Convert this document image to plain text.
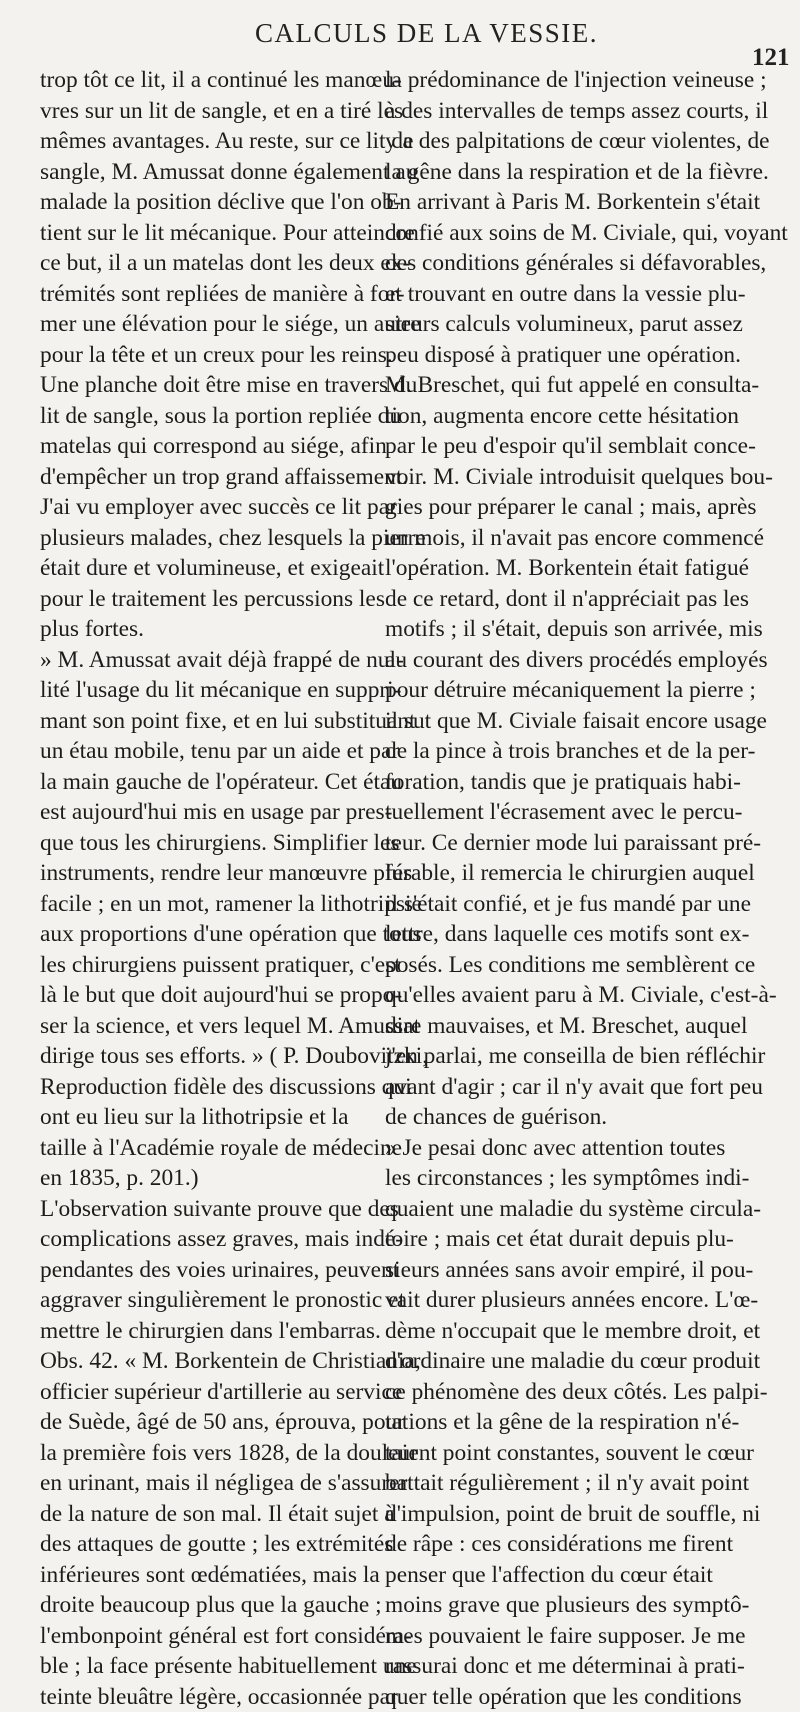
CALCULS DE LA VESSIE.
121
trop tôt ce lit, il a continué les manœu-
vres sur un lit de sangle, et en a tiré les
mêmes avantages. Au reste, sur ce lit de
sangle, M. Amussat donne également au
malade la position déclive que l'on ob-
tient sur le lit mécanique. Pour atteindre
ce but, il a un matelas dont les deux ex-
trémités sont repliées de manière à for-
mer une élévation pour le siége, un autre
pour la tête et un creux pour les reins.
Une planche doit être mise en travers du
lit de sangle, sous la portion repliée du
matelas qui correspond au siége, afin
d'empêcher un trop grand affaissement.
J'ai vu employer avec succès ce lit par
plusieurs malades, chez lesquels la pierre
était dure et volumineuse, et exigeait
pour le traitement les percussions les
plus fortes.
» M. Amussat avait déjà frappé de nul-
lité l'usage du lit mécanique en suppri-
mant son point fixe, et en lui substituant
un étau mobile, tenu par un aide et par
la main gauche de l'opérateur. Cet étau
est aujourd'hui mis en usage par pres-
que tous les chirurgiens. Simplifier les
instruments, rendre leur manœuvre plus
facile ; en un mot, ramener la lithotripsie
aux proportions d'une opération que tous
les chirurgiens puissent pratiquer, c'est
là le but que doit aujourd'hui se propo-
ser la science, et vers lequel M. Amussat
dirige tous ses efforts. » ( P. Doubovitzki,
Reproduction fidèle des discussions qui
ont eu lieu sur la lithotripsie et la
taille à l'Académie royale de médecine
en 1835, p. 201.)
L'observation suivante prouve que des
complications assez graves, mais indé-
pendantes des voies urinaires, peuvent
aggraver singulièrement le pronostic et
mettre le chirurgien dans l'embarras.
Obs. 42. « M. Borkentein de Christiania,
officier supérieur d'artillerie au service
de Suède, âgé de 50 ans, éprouva, pour
la première fois vers 1828, de la douleur
en urinant, mais il négligea de s'assurer
de la nature de son mal. Il était sujet à
des attaques de goutte ; les extrémités
inférieures sont œdématiées, mais la
droite beaucoup plus que la gauche ;
l'embonpoint général est fort considéra-
ble ; la face présente habituellement une
teinte bleuâtre légère, occasionnée par
la prédominance de l'injection veineuse ;
à des intervalles de temps assez courts, il
y a des palpitations de cœur violentes, de
la gêne dans la respiration et de la fièvre.
En arrivant à Paris M. Borkentein s'était
confié aux soins de M. Civiale, qui, voyant
des conditions générales si défavorables,
et trouvant en outre dans la vessie plu-
sieurs calculs volumineux, parut assez
peu disposé à pratiquer une opération.
M. Breschet, qui fut appelé en consulta-
tion, augmenta encore cette hésitation
par le peu d'espoir qu'il semblait conce-
voir. M. Civiale introduisit quelques bou-
gies pour préparer le canal ; mais, après
un mois, il n'avait pas encore commencé
l'opération. M. Borkentein était fatigué
de ce retard, dont il n'appréciait pas les
motifs ; il s'était, depuis son arrivée, mis
au courant des divers procédés employés
pour détruire mécaniquement la pierre ;
il sut que M. Civiale faisait encore usage
de la pince à trois branches et de la per-
foration, tandis que je pratiquais habi-
tuellement l'écrasement avec le percu-
teur. Ce dernier mode lui paraissant pré-
férable, il remercia le chirurgien auquel
il s'était confié, et je fus mandé par une
lettre, dans laquelle ces motifs sont ex-
posés. Les conditions me semblèrent ce
qu'elles avaient paru à M. Civiale, c'est-à-
dire mauvaises, et M. Breschet, auquel
j'en parlai, me conseilla de bien réfléchir
avant d'agir ; car il n'y avait que fort peu
de chances de guérison.
» Je pesai donc avec attention toutes
les circonstances ; les symptômes indi-
quaient une maladie du système circula-
toire ; mais cet état durait depuis plu-
sieurs années sans avoir empiré, il pou-
vait durer plusieurs années encore. L'œ-
dème n'occupait que le membre droit, et
d'ordinaire une maladie du cœur produit
ce phénomène des deux côtés. Les palpi-
tations et la gêne de la respiration n'é-
taient point constantes, souvent le cœur
battait régulièrement ; il n'y avait point
d'impulsion, point de bruit de souffle, ni
de râpe : ces considérations me firent
penser que l'affection du cœur était
moins grave que plusieurs des symptô-
mes pouvaient le faire supposer. Je me
rassurai donc et me déterminai à prati-
quer telle opération que les conditions
